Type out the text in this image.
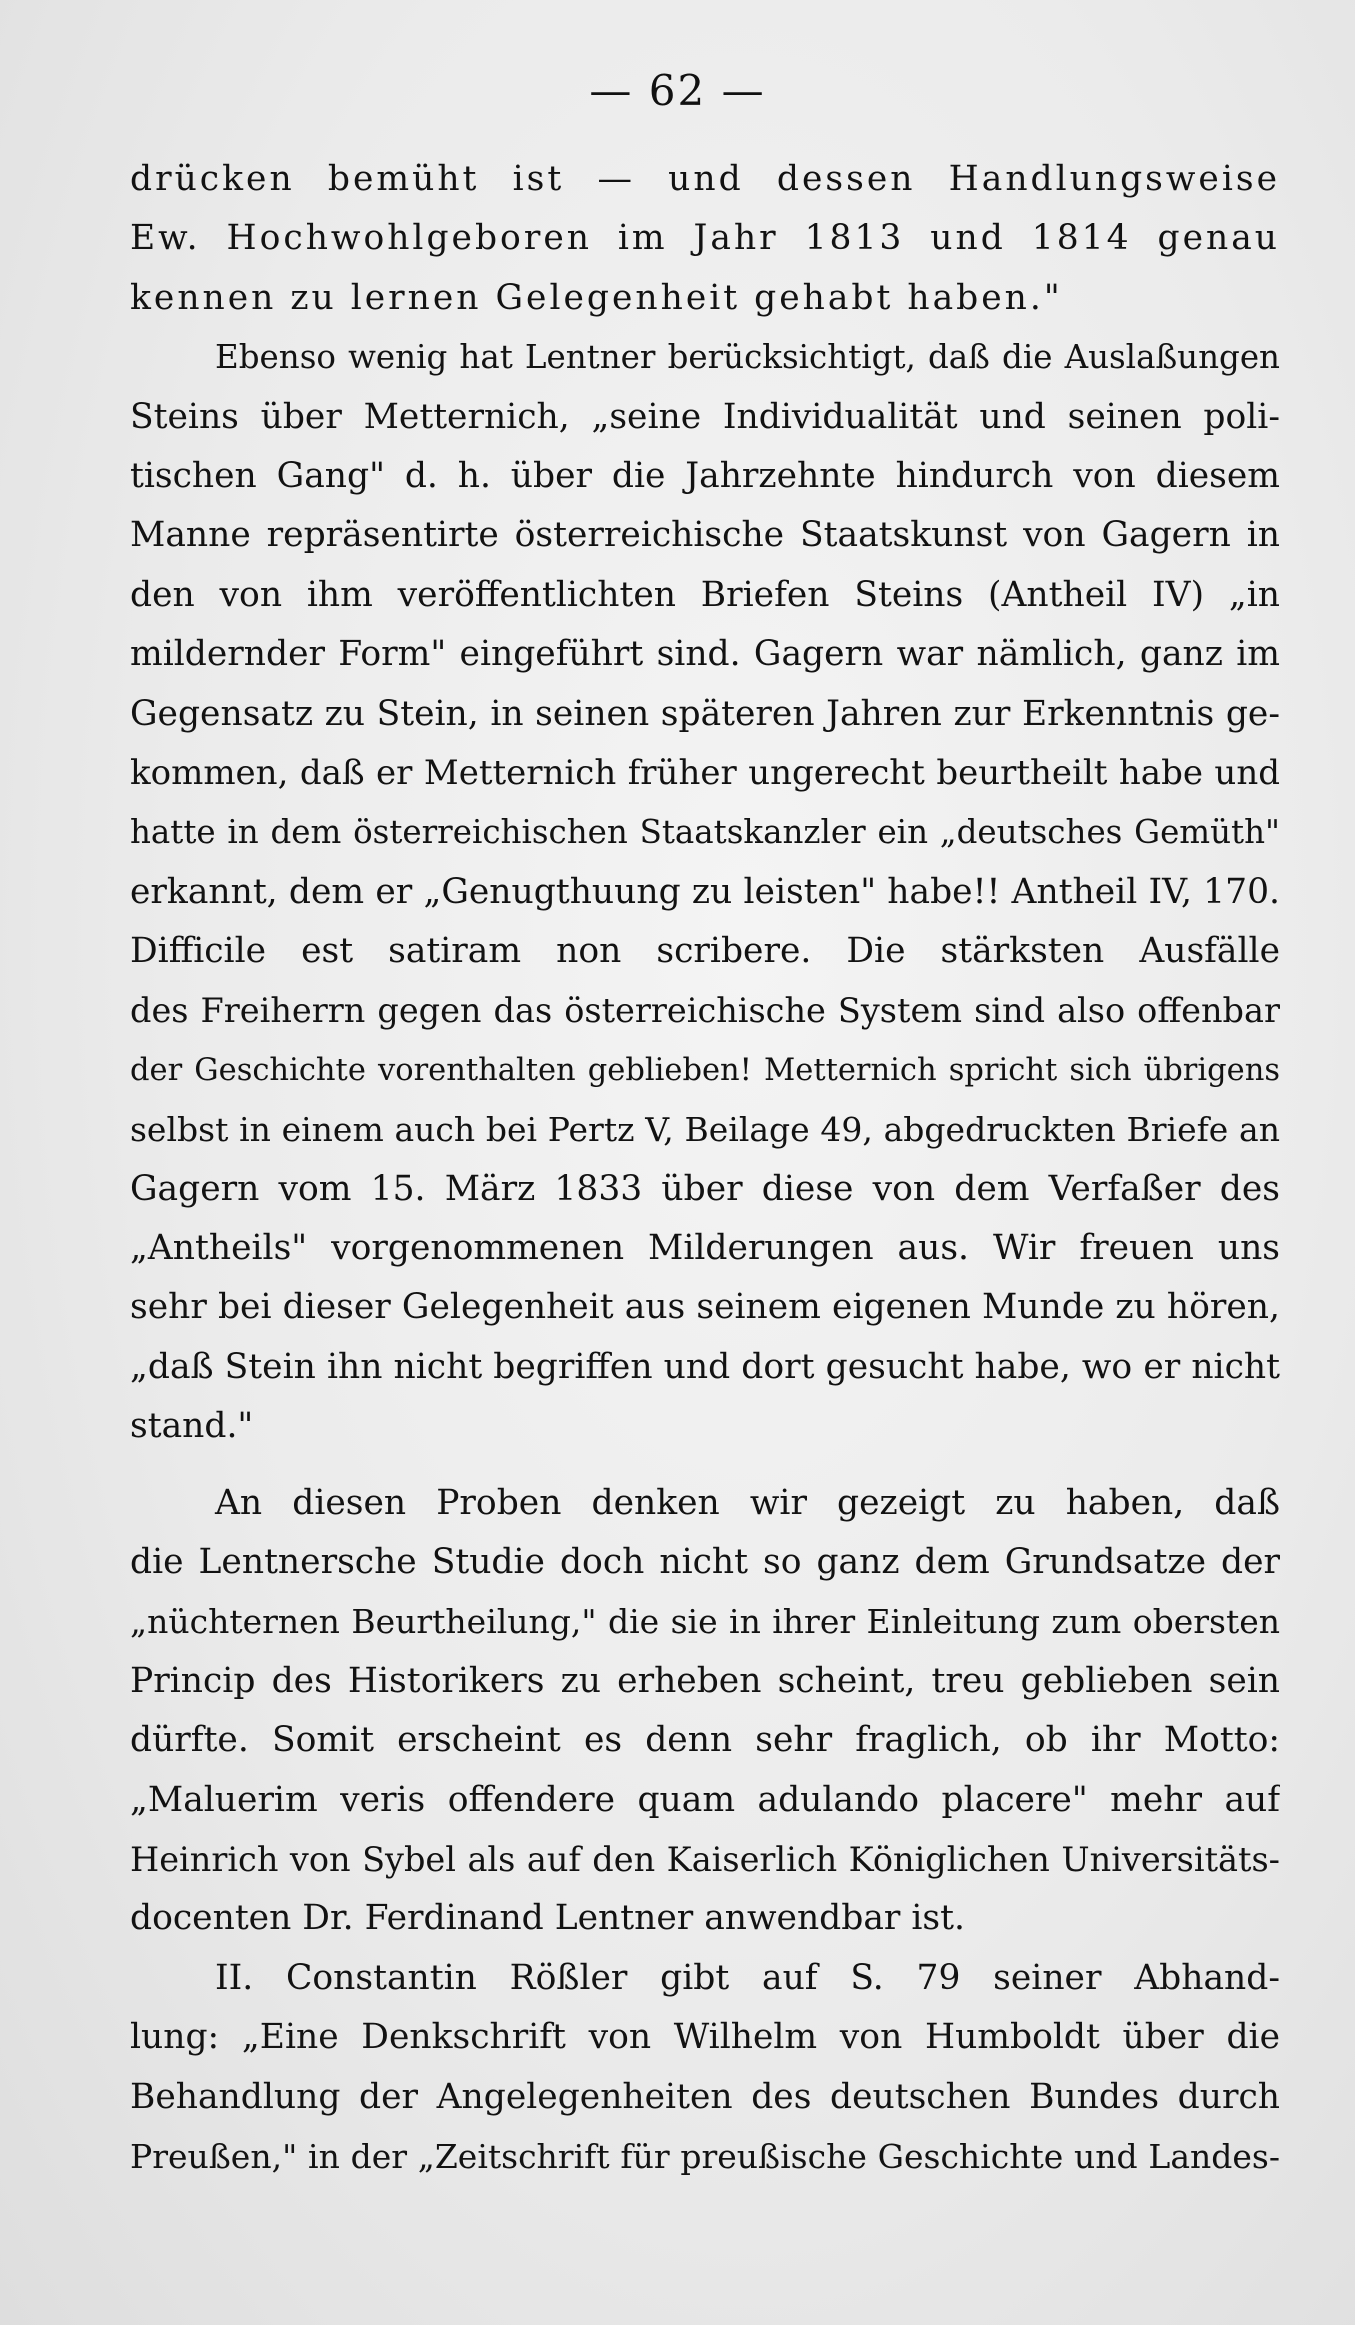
— 62 —
drücken bemüht ist — und dessen Handlungsweise
Ew. Hochwohlgeboren im Jahr 1813 und 1814 genau
kennen zu lernen Gelegenheit gehabt haben."
Ebenso wenig hat Lentner berücksichtigt, daß die Auslaßungen
Steins über Metternich, „seine Individualität und seinen poli-
tischen Gang" d. h. über die Jahrzehnte hindurch von diesem
Manne repräsentirte österreichische Staatskunst von Gagern in
den von ihm veröffentlichten Briefen Steins (Antheil IV) „in
mildernder Form" eingeführt sind. Gagern war nämlich, ganz im
Gegensatz zu Stein, in seinen späteren Jahren zur Erkenntnis ge-
kommen, daß er Metternich früher ungerecht beurtheilt habe und
hatte in dem österreichischen Staatskanzler ein „deutsches Gemüth"
erkannt, dem er „Genugthuung zu leisten" habe!! Antheil IV, 170.
Difficile est satiram non scribere. Die stärksten Ausfälle
des Freiherrn gegen das österreichische System sind also offenbar
der Geschichte vorenthalten geblieben! Metternich spricht sich übrigens
selbst in einem auch bei Pertz V, Beilage 49, abgedruckten Briefe an
Gagern vom 15. März 1833 über diese von dem Verfaßer des
„Antheils" vorgenommenen Milderungen aus. Wir freuen uns
sehr bei dieser Gelegenheit aus seinem eigenen Munde zu hören,
„daß Stein ihn nicht begriffen und dort gesucht habe, wo er nicht
stand."
An diesen Proben denken wir gezeigt zu haben, daß
die Lentnersche Studie doch nicht so ganz dem Grundsatze der
„nüchternen Beurtheilung," die sie in ihrer Einleitung zum obersten
Princip des Historikers zu erheben scheint, treu geblieben sein
dürfte. Somit erscheint es denn sehr fraglich, ob ihr Motto:
„Maluerim veris offendere quam adulando placere" mehr auf
Heinrich von Sybel als auf den Kaiserlich Königlichen Universitäts-
docenten Dr. Ferdinand Lentner anwendbar ist.
II. Constantin Rößler gibt auf S. 79 seiner Abhand-
lung: „Eine Denkschrift von Wilhelm von Humboldt über die
Behandlung der Angelegenheiten des deutschen Bundes durch
Preußen," in der „Zeitschrift für preußische Geschichte und Landes-
